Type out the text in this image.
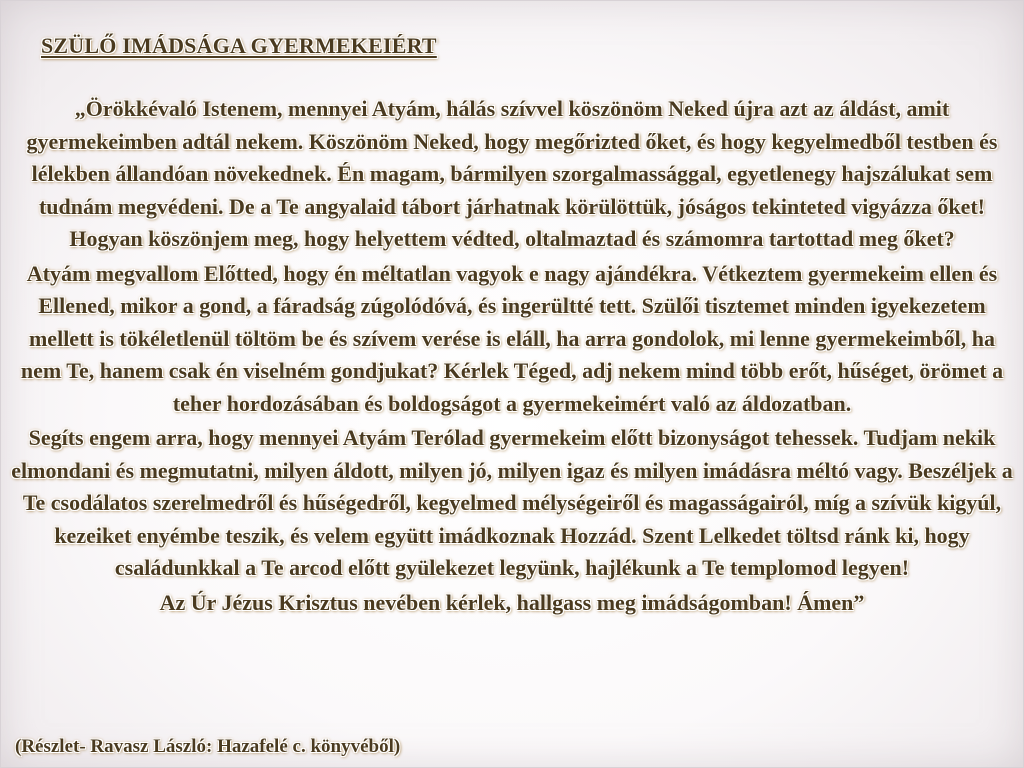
SZÜLŐ IMÁDSÁGA GYERMEKEIÉRT

„Örökkévaló Istenem, mennyei Atyám, hálás szívvel köszönöm Neked újra azt az áldást, amit gyermekeimben adtál nekem. Köszönöm Neked, hogy megőrizted őket, és hogy kegyelmedből testben és lélekben állandóan növekednek. Én magam, bármilyen szorgalmassággal, egyetlenegy hajszálukat sem tudnám megvédeni. De a Te angyalaid tábort járhatnak körülöttük, jóságos tekinteted vigyázza őket! Hogyan köszönjem meg, hogy helyettem védted, oltalmaztad és számomra tartottad meg őket?

Atyám megvallom Előtted, hogy én méltatlan vagyok e nagy ajándékra. Vétkeztem gyermekeim ellen és Ellened, mikor a gond, a fáradság zúgolódóvá, és ingerültté tett. Szülői tisztemet minden igyekezetem mellett is tökéletlenül töltöm be és szívem verése is eláll, ha arra gondolok, mi lenne gyermekeimből, ha nem Te, hanem csak én viselném gondjukat? Kérlek Téged, adj nekem mind több erőt, hűséget, örömet a teher hordozásában és boldogságot a gyermekeimért való az áldozatban.

Segíts engem arra, hogy mennyei Atyám Terólad gyermekeim előtt bizonyságot tehessek. Tudjam nekik elmondani és megmutatni, milyen áldott, milyen jó, milyen igaz és milyen imádásra méltó vagy. Beszéljek a Te csodálatos szerelmedről és hűségedről, kegyelmed mélységeiről és magasságairól, míg a szívük kigyúl, kezeiket enyémbe teszik, és velem együtt imádkoznak Hozzád. Szent Lelkedet töltsd ránk ki, hogy családunkkal a Te arcod előtt gyülekezet legyünk, hajlékunk a Te templomod legyen!

Az Úr Jézus Krisztus nevében kérlek, hallgass meg imádságomban! Ámen”

(Részlet- Ravasz László: Hazafelé c. könyvéből)
